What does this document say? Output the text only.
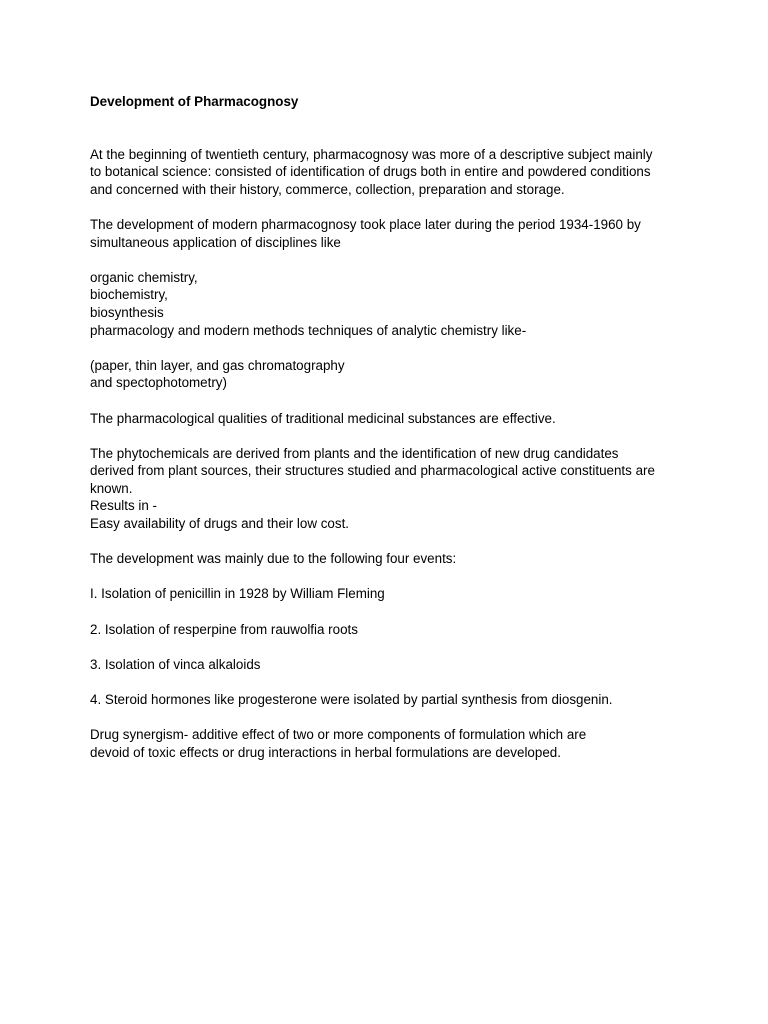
Development of Pharmacognosy
At the beginning of twentieth century, pharmacognosy was more of a descriptive subject mainly
to botanical science: consisted of identification of drugs both in entire and powdered conditions
and concerned with their history, commerce, collection, preparation and storage.
The development of modern pharmacognosy took place later during the period 1934-1960 by
simultaneous application of disciplines like
organic chemistry,
biochemistry,
biosynthesis
pharmacology and modern methods techniques of analytic chemistry like-
(paper, thin layer, and gas chromatography
and spectophotometry)
The pharmacological qualities of traditional medicinal substances are effective.
The phytochemicals are derived from plants and the identification of new drug candidates
derived from plant sources, their structures studied and pharmacological active constituents are
known.
Results in -
Easy availability of drugs and their low cost.
The development was mainly due to the following four events:
I. Isolation of penicillin in 1928 by William Fleming
2. Isolation of resperpine from rauwolfia roots
3. Isolation of vinca alkaloids
4. Steroid hormones like progesterone were isolated by partial synthesis from diosgenin.
Drug synergism- additive effect of two or more components of formulation which are
devoid of toxic effects or drug interactions in herbal formulations are developed.
